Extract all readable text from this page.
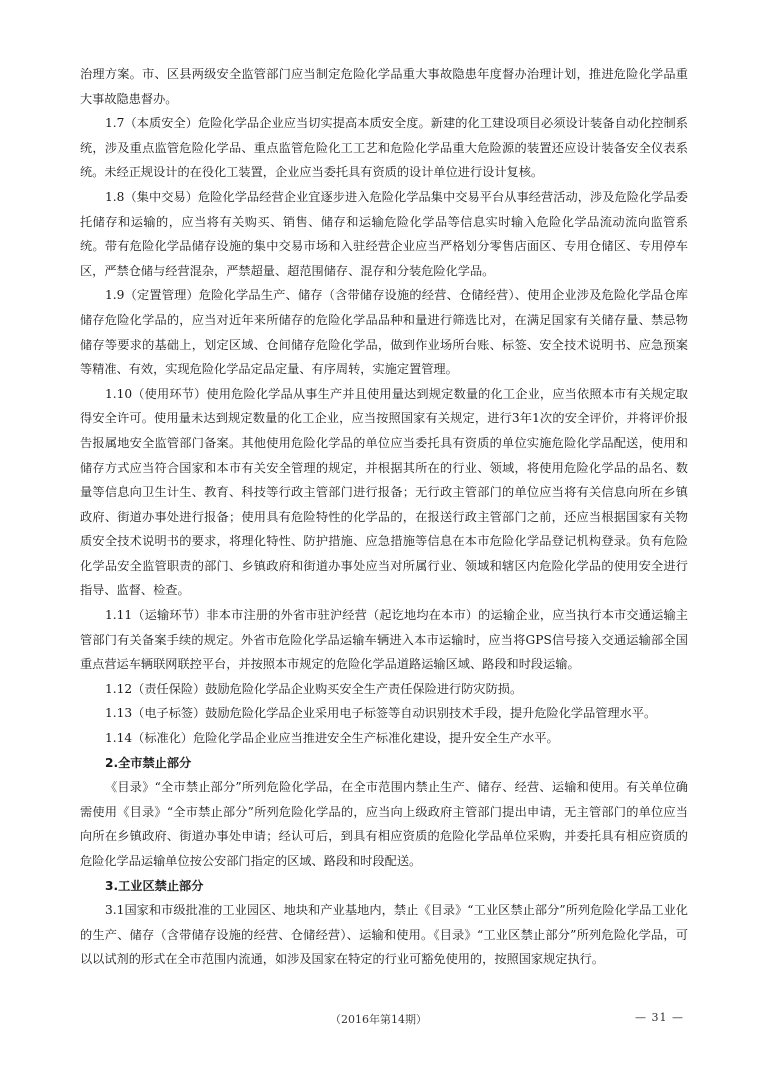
治理方案。市、区县两级安全监管部门应当制定危险化学品重大事故隐患年度督办治理计划，推进危险化学品重大事故隐患督办。

1.7（本质安全）危险化学品企业应当切实提高本质安全度。新建的化工建设项目必须设计装备自动化控制系统，涉及重点监管危险化学品、重点监管危险化工工艺和危险化学品重大危险源的装置还应设计装备安全仪表系统。未经正规设计的在役化工装置，企业应当委托具有资质的设计单位进行设计复核。

1.8（集中交易）危险化学品经营企业宜逐步进入危险化学品集中交易平台从事经营活动，涉及危险化学品委托储存和运输的，应当将有关购买、销售、储存和运输危险化学品等信息实时输入危险化学品流动流向监管系统。带有危险化学品储存设施的集中交易市场和入驻经营企业应当严格划分零售店面区、专用仓储区、专用停车区，严禁仓储与经营混杂，严禁超量、超范围储存、混存和分装危险化学品。

1.9（定置管理）危险化学品生产、储存（含带储存设施的经营、仓储经营）、使用企业涉及危险化学品仓库储存危险化学品的，应当对近年来所储存的危险化学品品种和量进行筛选比对，在满足国家有关储存量、禁忌物储存等要求的基础上，划定区域、仓间储存危险化学品，做到作业场所台账、标签、安全技术说明书、应急预案等精准、有效，实现危险化学品定品定量、有序周转，实施定置管理。

1.10（使用环节）使用危险化学品从事生产并且使用量达到规定数量的化工企业，应当依照本市有关规定取得安全许可。使用量未达到规定数量的化工企业，应当按照国家有关规定，进行3年1次的安全评价，并将评价报告报属地安全监管部门备案。其他使用危险化学品的单位应当委托具有资质的单位实施危险化学品配送，使用和储存方式应当符合国家和本市有关安全管理的规定，并根据其所在的行业、领域，将使用危险化学品的品名、数量等信息向卫生计生、教育、科技等行政主管部门进行报备；无行政主管部门的单位应当将有关信息向所在乡镇政府、街道办事处进行报备；使用具有危险特性的化学品的，在报送行政主管部门之前，还应当根据国家有关物质安全技术说明书的要求，将理化特性、防护措施、应急措施等信息在本市危险化学品登记机构登录。负有危险化学品安全监管职责的部门、乡镇政府和街道办事处应当对所属行业、领域和辖区内危险化学品的使用安全进行指导、监督、检查。

1.11（运输环节）非本市注册的外省市驻沪经营（起讫地均在本市）的运输企业，应当执行本市交通运输主管部门有关备案手续的规定。外省市危险化学品运输车辆进入本市运输时，应当将GPS信号接入交通运输部全国重点营运车辆联网联控平台，并按照本市规定的危险化学品道路运输区域、路段和时段运输。

1.12（责任保险）鼓励危险化学品企业购买安全生产责任保险进行防灾防损。

1.13（电子标签）鼓励危险化学品企业采用电子标签等自动识别技术手段，提升危险化学品管理水平。

1.14（标准化）危险化学品企业应当推进安全生产标准化建设，提升安全生产水平。

2.全市禁止部分

《目录》“全市禁止部分”所列危险化学品，在全市范围内禁止生产、储存、经营、运输和使用。有关单位确需使用《目录》“全市禁止部分”所列危险化学品的，应当向上级政府主管部门提出申请，无主管部门的单位应当向所在乡镇政府、街道办事处申请；经认可后，到具有相应资质的危险化学品单位采购，并委托具有相应资质的危险化学品运输单位按公安部门指定的区域、路段和时段配送。

3.工业区禁止部分

3.1国家和市级批准的工业园区、地块和产业基地内，禁止《目录》“工业区禁止部分”所列危险化学品工业化的生产、储存（含带储存设施的经营、仓储经营）、运输和使用。《目录》“工业区禁止部分”所列危险化学品，可以以试剂的形式在全市范围内流通，如涉及国家在特定的行业可豁免使用的，按照国家规定执行。

（2016年第14期）	— 31 —
